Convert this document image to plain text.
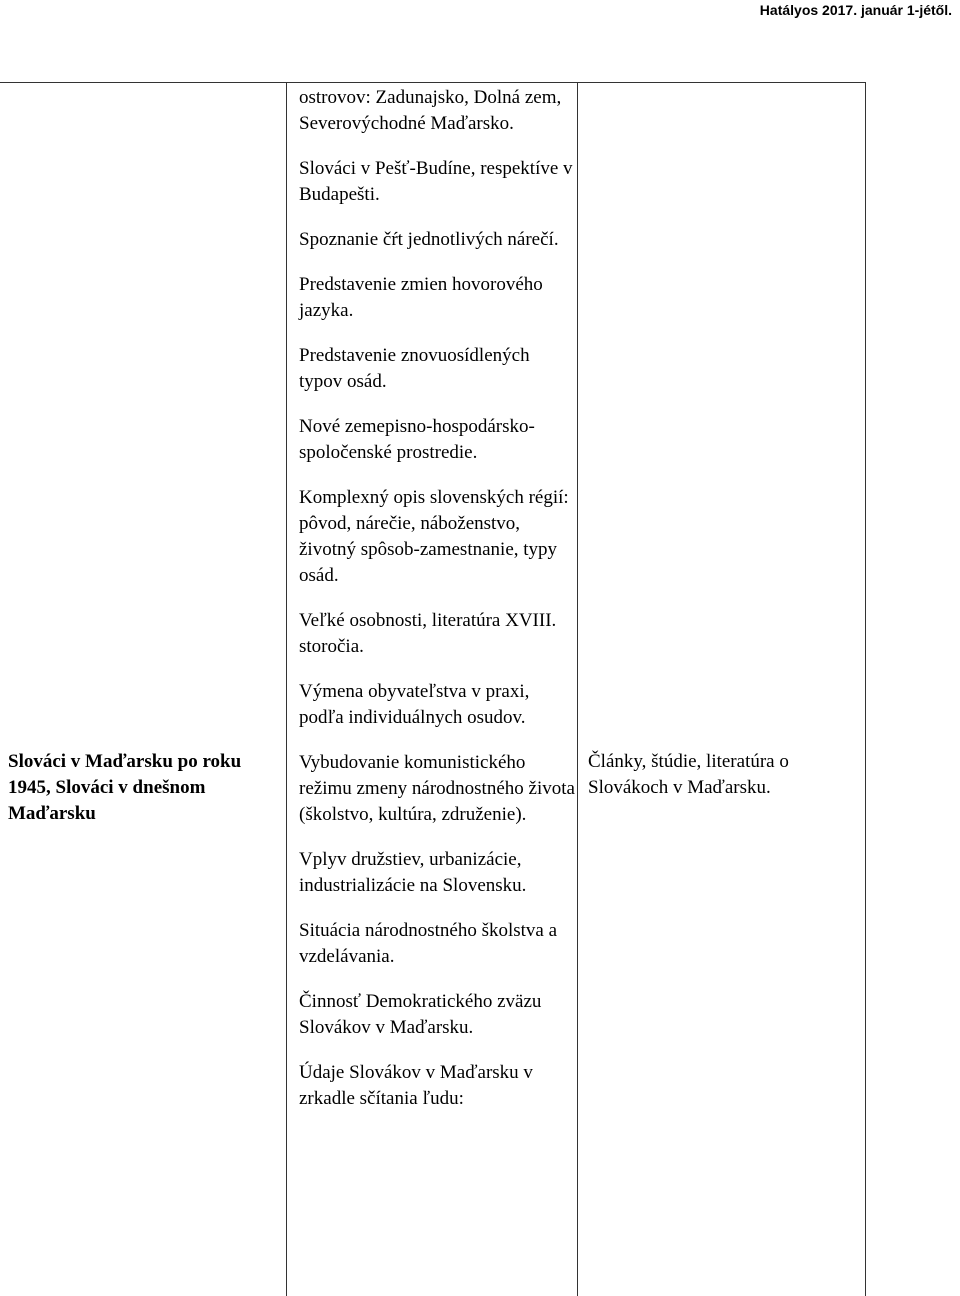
Hatályos 2017. január 1-jétől.
Slováci v Maďarsku po roku 1945, Slováci v dnešnom Maďarsku

ostrovov: Zadunajsko, Dolná zem, Severovýchodné Maďarsko.

Slováci v Pešť-Budíne, respektíve v Budapešti.

Spoznanie čŕt jednotlivých nárečí.

Predstavenie zmien hovorového jazyka.

Predstavenie znovuosídlených typov osád.

Nové zemepisno-hospodársko-spoločenské prostredie.

Komplexný opis slovenských régií: pôvod, nárečie, náboženstvo, životný spôsob-zamestnanie, typy osád.

Veľké osobnosti, literatúra XVIII. storočia.

Výmena obyvateľstva v praxi, podľa individuálnych osudov.

Vybudovanie komunistického režimu zmeny národnostného života (školstvo, kultúra, združenie).

Vplyv družstiev, urbanizácie, industrializácie na Slovensku.

Situácia národnostného školstva a vzdelávania.

Činnosť Demokratického zväzu Slovákov v Maďarsku.

Údaje Slovákov v Maďarsku v zrkadle sčítania ľudu:

Články, štúdie, literatúra o Slovákoch v Maďarsku.
